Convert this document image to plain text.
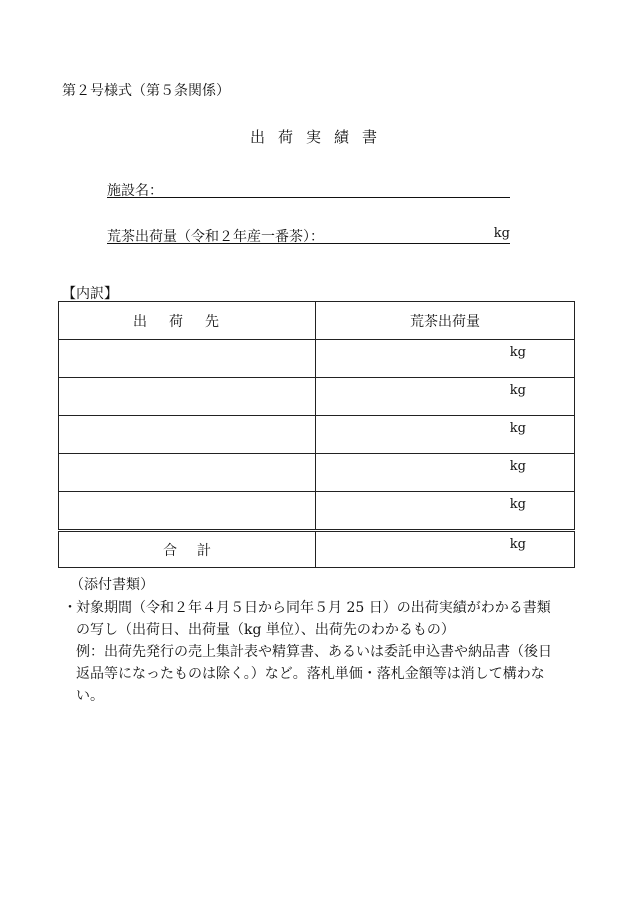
第２号様式（第５条関係）
出荷実績書
施設名：
荒茶出荷量（令和２年産一番茶）：	kg
【内訳】
出荷先	荒茶出荷量

	kg

	kg

	kg

	kg

	kg

合計	kg
（添付書類）
・ 対象期間（令和２年４月５日から同年５月 25 日）の出荷実績がわかる書類
の写し（出荷日、出荷量（kg 単位）、出荷先のわかるもの）
例：出荷先発行の売上集計表や精算書、あるいは委託申込書や納品書（後日
返品等になったものは除く。）など。落札単価・落札金額等は消して構わな
い。
